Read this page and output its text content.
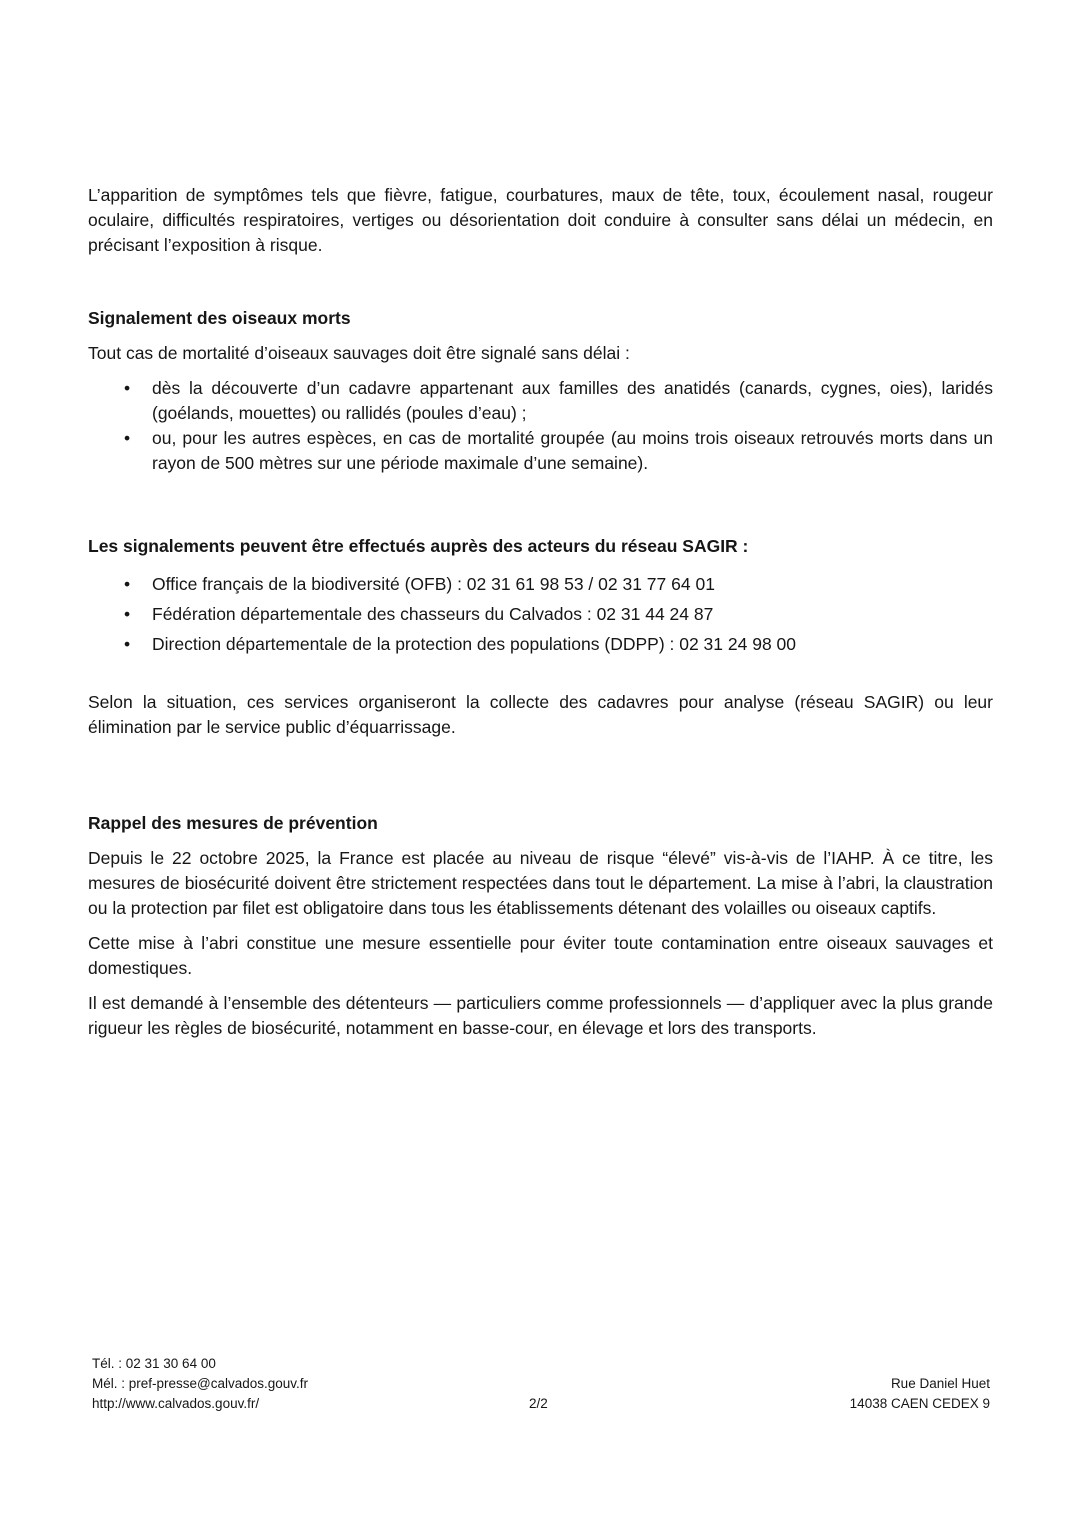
L’apparition de symptômes tels que fièvre, fatigue, courbatures, maux de tête, toux, écoulement nasal, rougeur oculaire, difficultés respiratoires, vertiges ou désorientation doit conduire à consulter sans délai un médecin, en précisant l’exposition à risque.

Signalement des oiseaux morts

Tout cas de mortalité d’oiseaux sauvages doit être signalé sans délai :

• dès la découverte d’un cadavre appartenant aux familles des anatidés (canards, cygnes, oies), laridés (goélands, mouettes) ou rallidés (poules d’eau) ;
• ou, pour les autres espèces, en cas de mortalité groupée (au moins trois oiseaux retrouvés morts dans un rayon de 500 mètres sur une période maximale d’une semaine).
Les signalements peuvent être effectués auprès des acteurs du réseau SAGIR :
• Office français de la biodiversité (OFB) : 02 31 61 98 53 / 02 31 77 64 01
• Fédération départementale des chasseurs du Calvados : 02 31 44 24 87
• Direction départementale de la protection des populations (DDPP) : 02 31 24 98 00

Selon la situation, ces services organiseront la collecte des cadavres pour analyse (réseau SAGIR) ou leur élimination par le service public d’équarrissage.

Rappel des mesures de prévention

Depuis le 22 octobre 2025, la France est placée au niveau de risque “élevé” vis-à-vis de l’IAHP. À ce titre, les mesures de biosécurité doivent être strictement respectées dans tout le département. La mise à l’abri, la claustration ou la protection par filet est obligatoire dans tous les établissements détenant des volailles ou oiseaux captifs.

Cette mise à l’abri constitue une mesure essentielle pour éviter toute contamination entre oiseaux sauvages et domestiques.

Il est demandé à l’ensemble des détenteurs — particuliers comme professionnels — d’appliquer avec la plus grande rigueur les règles de biosécurité, notamment en basse-cour, en élevage et lors des transports.

Tél. : 02 31 30 64 00
Mél. : pref-presse@calvados.gouv.fr
http://www.calvados.gouv.fr/	2/2
Rue Daniel Huet
14038 CAEN CEDEX 9
